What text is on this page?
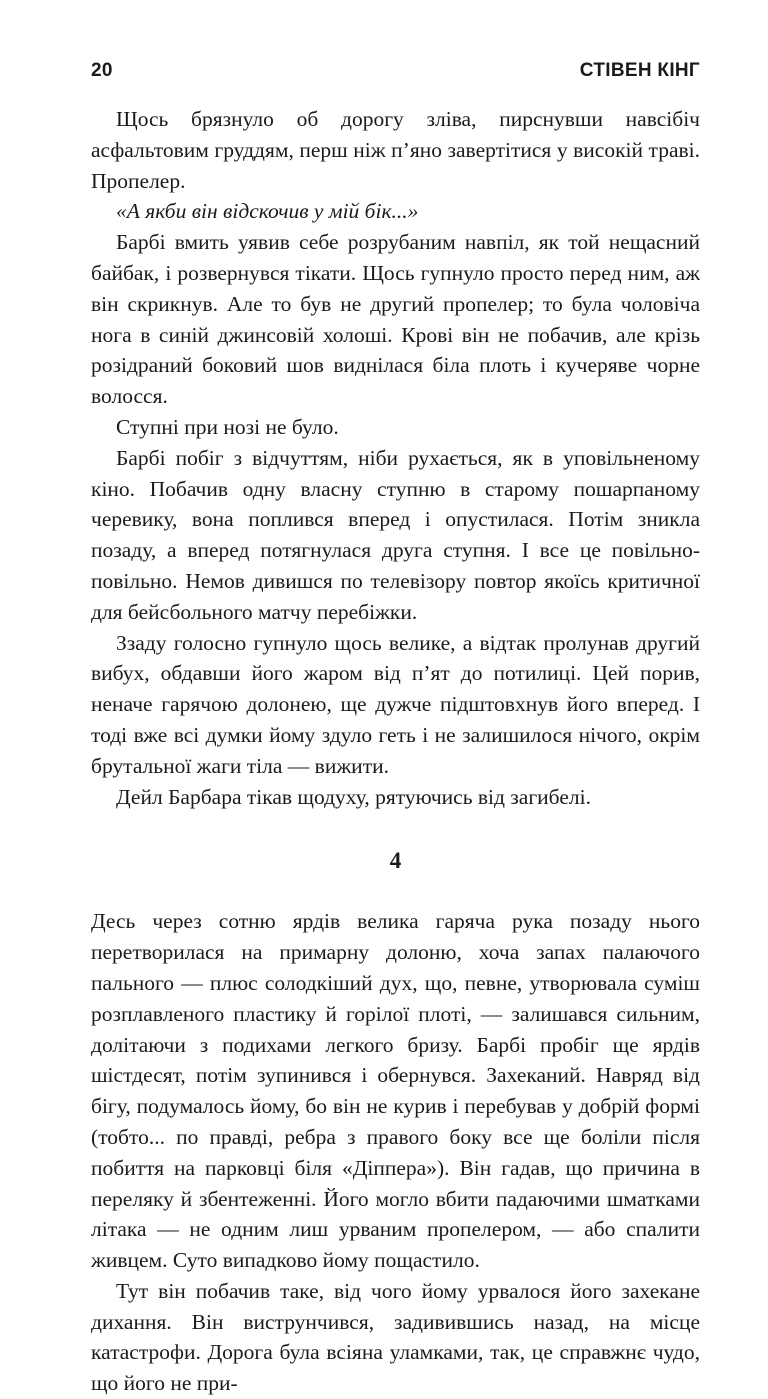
20	СТІВЕН КІНГ

Щось брязнуло об дорогу зліва, пирснувши навсібіч асфальтовим груддям, перш ніж п’яно завертітися у високій траві. Пропелер.

«А якби він відскочив у мій бік...»

Барбі вмить уявив себе розрубаним навпіл, як той нещасний байбак, і розвернувся тікати. Щось гупнуло просто перед ним, аж він скрикнув. Але то був не другий пропелер; то була чоловіча нога в синій джинсовій холоші. Крові він не побачив, але крізь розідраний боковий шов виднілася біла плоть і кучеряве чорне волосся.

Ступні при нозі не було.

Барбі побіг з відчуттям, ніби рухається, як в уповільненому кіно. Побачив одну власну ступню в старому пошарпаному черевику, вона поплився вперед і опустилася. Потім зникла позаду, а вперед потягнулася друга ступня. І все це повільно-повільно. Немов дивишся по телевізору повтор якоїсь критичної для бейсбольного матчу перебіжки.

Ззаду голосно гупнуло щось велике, а відтак пролунав другий вибух, обдавши його жаром від п’ят до потилиці. Цей порив, неначе гарячою долонею, ще дужче підштовхнув його вперед. І тоді вже всі думки йому здуло геть і не залишилося нічого, окрім брутальної жаги тіла — вижити.

Дейл Барбара тікав щодуху, рятуючись від загибелі.

4

Десь через сотню ярдів велика гаряча рука позаду нього перетворилася на примарну долоню, хоча запах палаючого пального — плюс солодкіший дух, що, певне, утворювала суміш розплавленого пластику й горілої плоті, — залишався сильним, долітаючи з подихами легкого бризу. Барбі пробіг ще ярдів шістдесят, потім зупинився і обернувся. Захеканий. Навряд від бігу, подумалось йому, бо він не курив і перебував у добрій формі (тобто... по правді, ребра з правого боку все ще боліли після побиття на парковці біля «Діппера»). Він гадав, що причина в переляку й збентеженні. Його могло вбити падаючими шматками літака — не одним лиш урваним пропелером, — або спалити живцем. Суто випадково йому пощастило.

Тут він побачив таке, від чого йому урвалося його захекане дихання. Він виструнчився, задивившись назад, на місце катастрофи. Дорога була всіяна уламками, так, це справжнє чудо, що його не при-
